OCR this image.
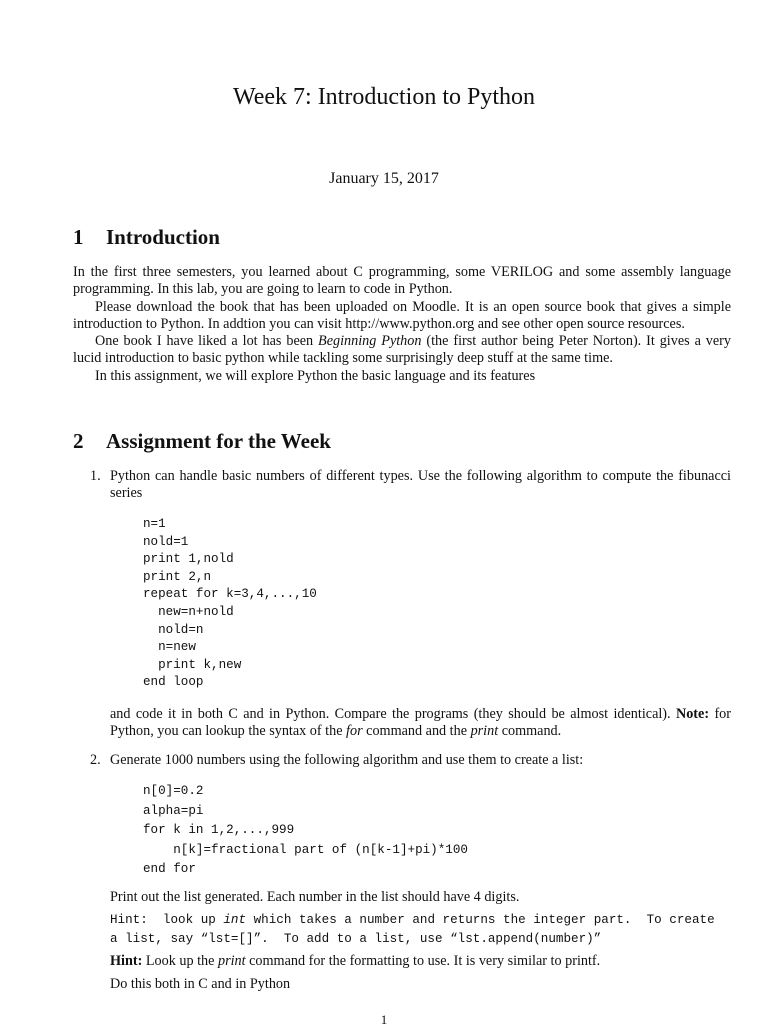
Week 7: Introduction to Python
January 15, 2017
1 Introduction

In the first three semesters, you learned about C programming, some VERILOG and some assembly language programming. In this lab, you are going to learn to code in Python.

Please download the book that has been uploaded on Moodle. It is an open source book that gives a simple introduction to Python. In addtion you can visit http://www.python.org and see other open source resources.

One book I have liked a lot has been Beginning Python (the first author being Peter Norton). It gives a very lucid introduction to basic python while tackling some surprisingly deep stuff at the same time.

In this assignment, we will explore Python the basic language and its features

2 Assignment for the Week
1. Python can handle basic numbers of different types. Use the following algorithm to compute the fibunacci series
n=1
nold=1
print 1,nold
print 2,n
repeat for k=3,4,...,10
new=n+nold
nold=n
n=new
print k,new
end loop
and code it in both C and in Python. Compare the programs (they should be almost identical). Note: for Python, you can lookup the syntax of the for command and the print command.
2. Generate 1000 numbers using the following algorithm and use them to create a list:
n[0]=0.2
alpha=pi
for k in 1,2,...,999
n[k]=fractional part of (n[k-1]+pi)*100
end for
Print out the list generated. Each number in the list should have 4 digits.
Hint:  look up int which takes a number and returns the integer part.  To create
a list, say “lst=[]”.  To add to a list, use “lst.append(number)”
Hint: Look up the print command for the formatting to use. It is very similar to printf.
Do this both in C and in Python
1
